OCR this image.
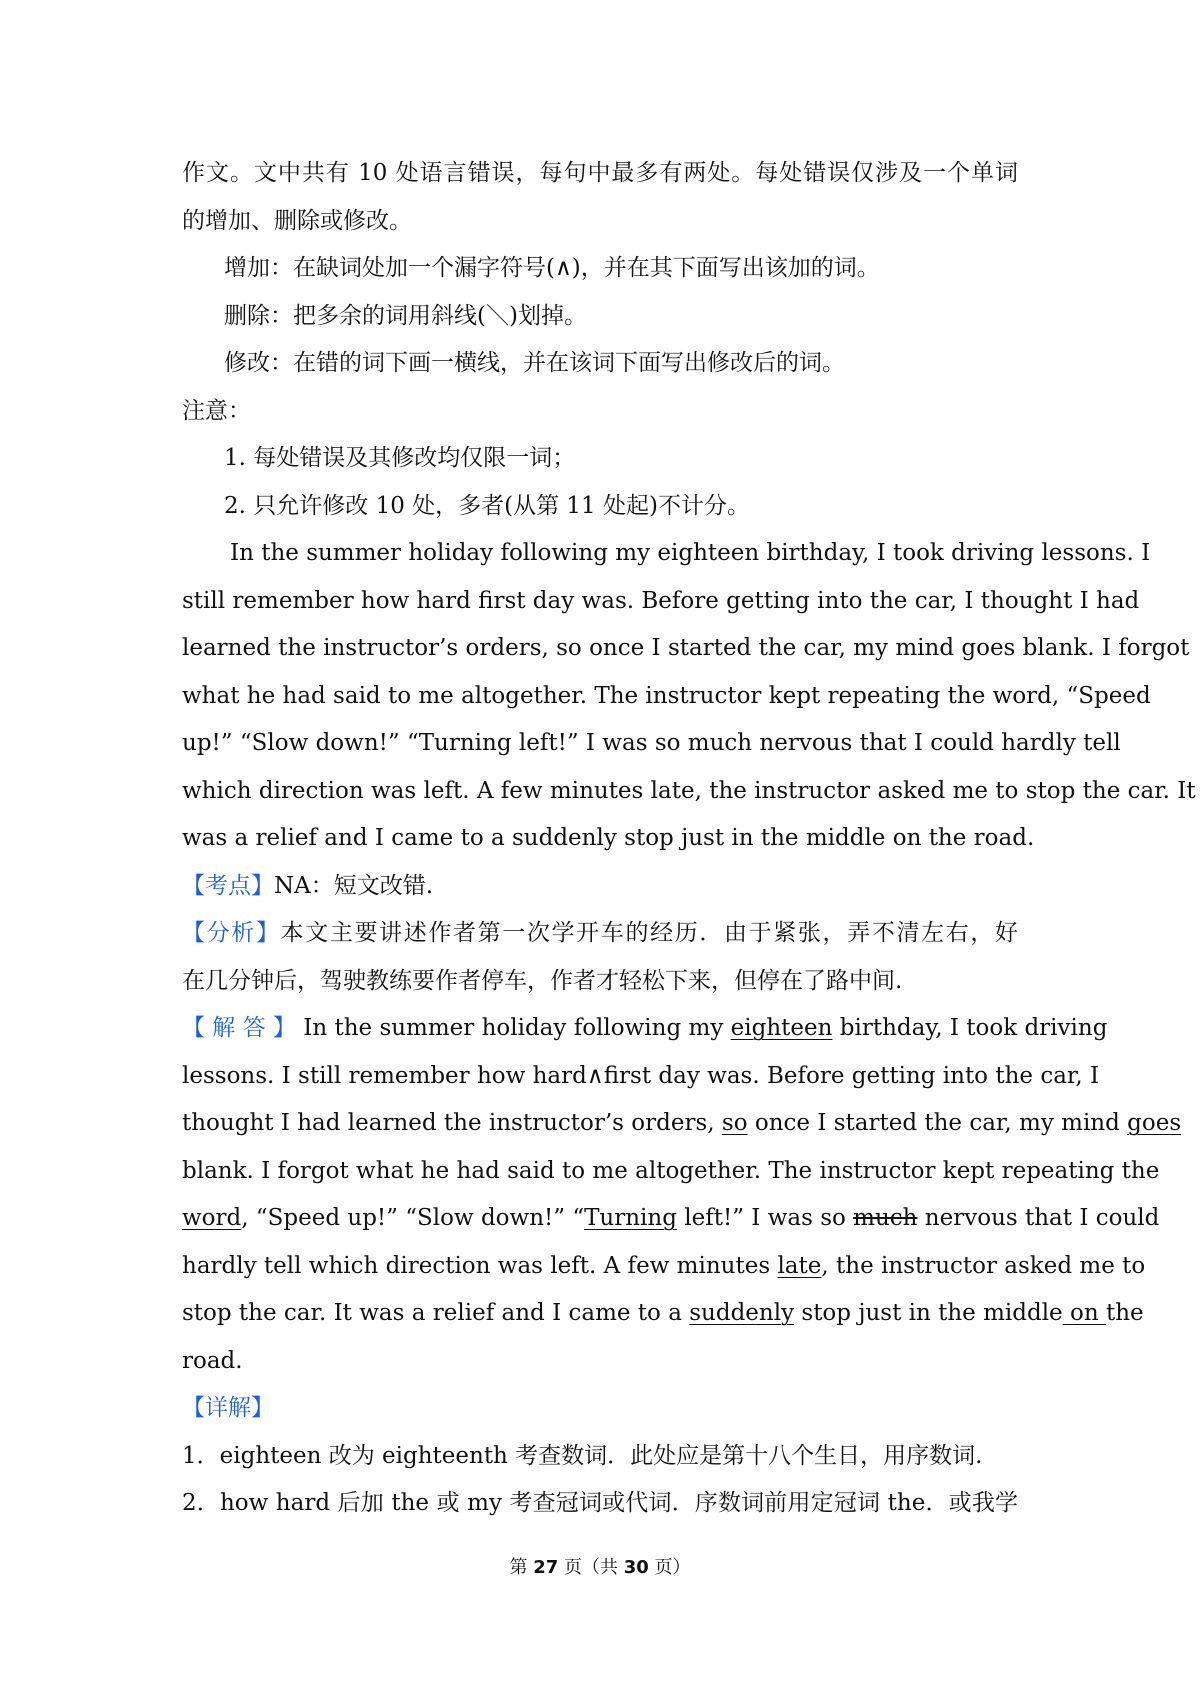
作文。文中共有 10 处语言错误，每句中最多有两处。每处错误仅涉及一个单词
的增加、删除或修改。
增加：在缺词处加一个漏字符号(∧)，并在其下面写出该加的词。
删除：把多余的词用斜线(＼)划掉。
修改：在错的词下画一横线，并在该词下面写出修改后的词。
注意：
1. 每处错误及其修改均仅限一词；
2. 只允许修改 10 处，多者(从第 11 处起)不计分。
In the summer holiday following my eighteen birthday, I took driving lessons. I
still remember how hard first day was. Before getting into the car, I thought I had
learned the instructor’s orders, so once I started the car, my mind goes blank. I forgot
what he had said to me altogether. The instructor kept repeating the word, “Speed
up!” “Slow down!” “Turning left!” I was so much nervous that I could hardly tell
which direction was left. A few minutes late, the instructor asked me to stop the car. It
was a relief and I came to a suddenly stop just in the middle on the road.
【考点】NA：短文改错.
【分析】本文主要讲述作者第一次学开车的经历．由于紧张，弄不清左右，好
在几分钟后，驾驶教练要作者停车，作者才轻松下来，但停在了路中间.
【 解 答 】 In the summer holiday following my eighteen birthday, I took driving
lessons. I still remember how hard∧first day was. Before getting into the car, I
thought I had learned the instructor’s orders, so once I started the car, my mind goes
blank. I forgot what he had said to me altogether. The instructor kept repeating the
word, “Speed up!” “Slow down!” “Turning left!” I was so much nervous that I could
hardly tell which direction was left. A few minutes late, the instructor asked me to
stop the car. It was a relief and I came to a suddenly stop just in the middle on the
road.
【详解】
1．eighteen 改为 eighteenth 考查数词．此处应是第十八个生日，用序数词.
2．how hard 后加 the 或 my 考查冠词或代词．序数词前用定冠词 the．或我学
第 27 页（共 30 页）
